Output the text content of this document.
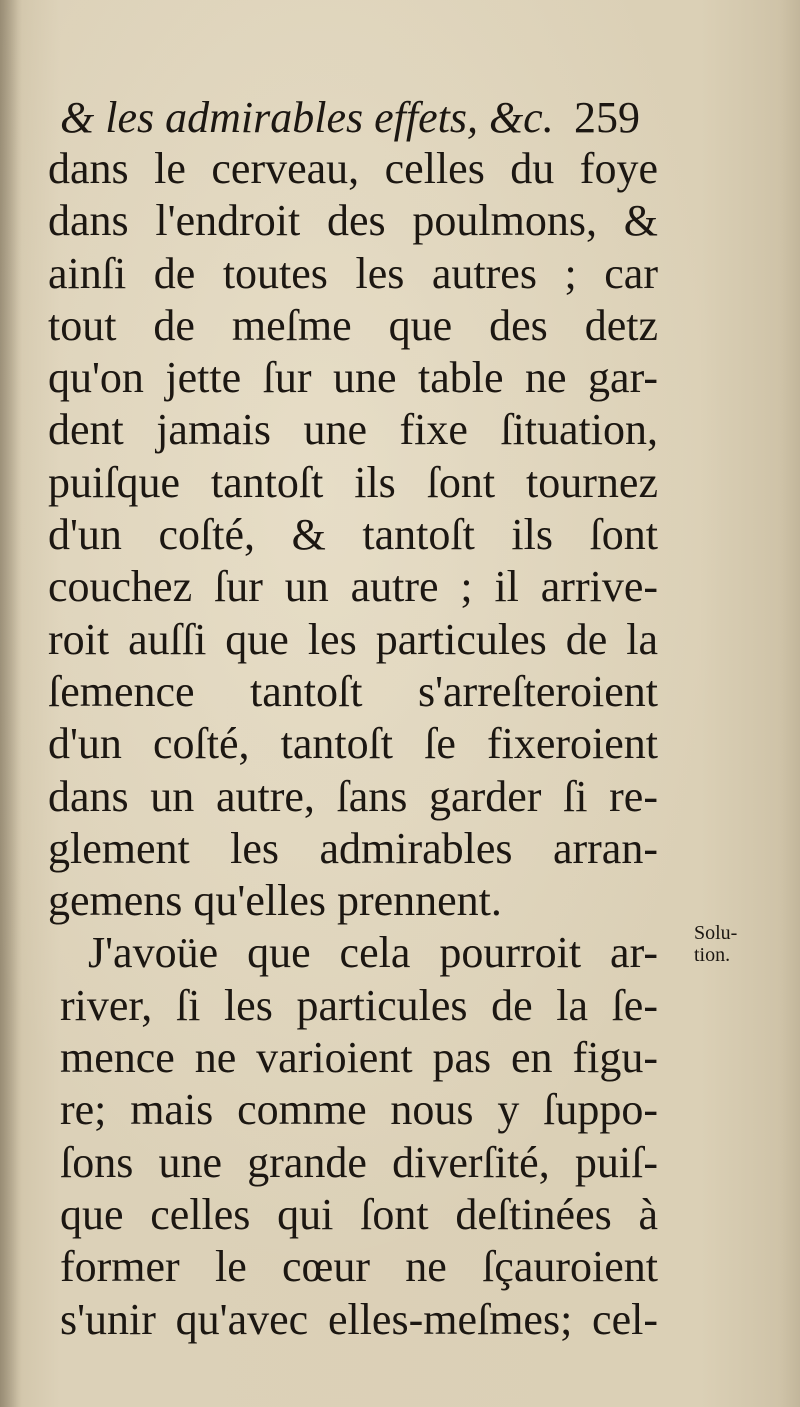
& les admirables effets, &c. 259
dans le cerveau, celles du foye
dans l'endroit des poulmons, &
ainſi de toutes les autres ; car
tout de meſme que des detz
qu'on jette ſur une table ne gar-
dent jamais une fixe ſituation,
puiſque tantoſt ils ſont tournez
d'un coſté, & tantoſt ils ſont
couchez ſur un autre ; il arrive-
roit auſſi que les particules de la
ſemence tantoſt s'arreſteroient
d'un coſté, tantoſt ſe fixeroient
dans un autre, ſans garder ſi re-
glement les admirables arran-
gemens qu'elles prennent.
J'avoüe que cela pourroit ar-
river, ſi les particules de la ſe-
mence ne varioient pas en figu-
re; mais comme nous y ſuppo-
ſons une grande diverſité, puiſ-
que celles qui ſont deſtinées à
former le cœur ne ſçauroient
s'unir qu'avec elles-meſmes; cel-
Solu-
tion.
